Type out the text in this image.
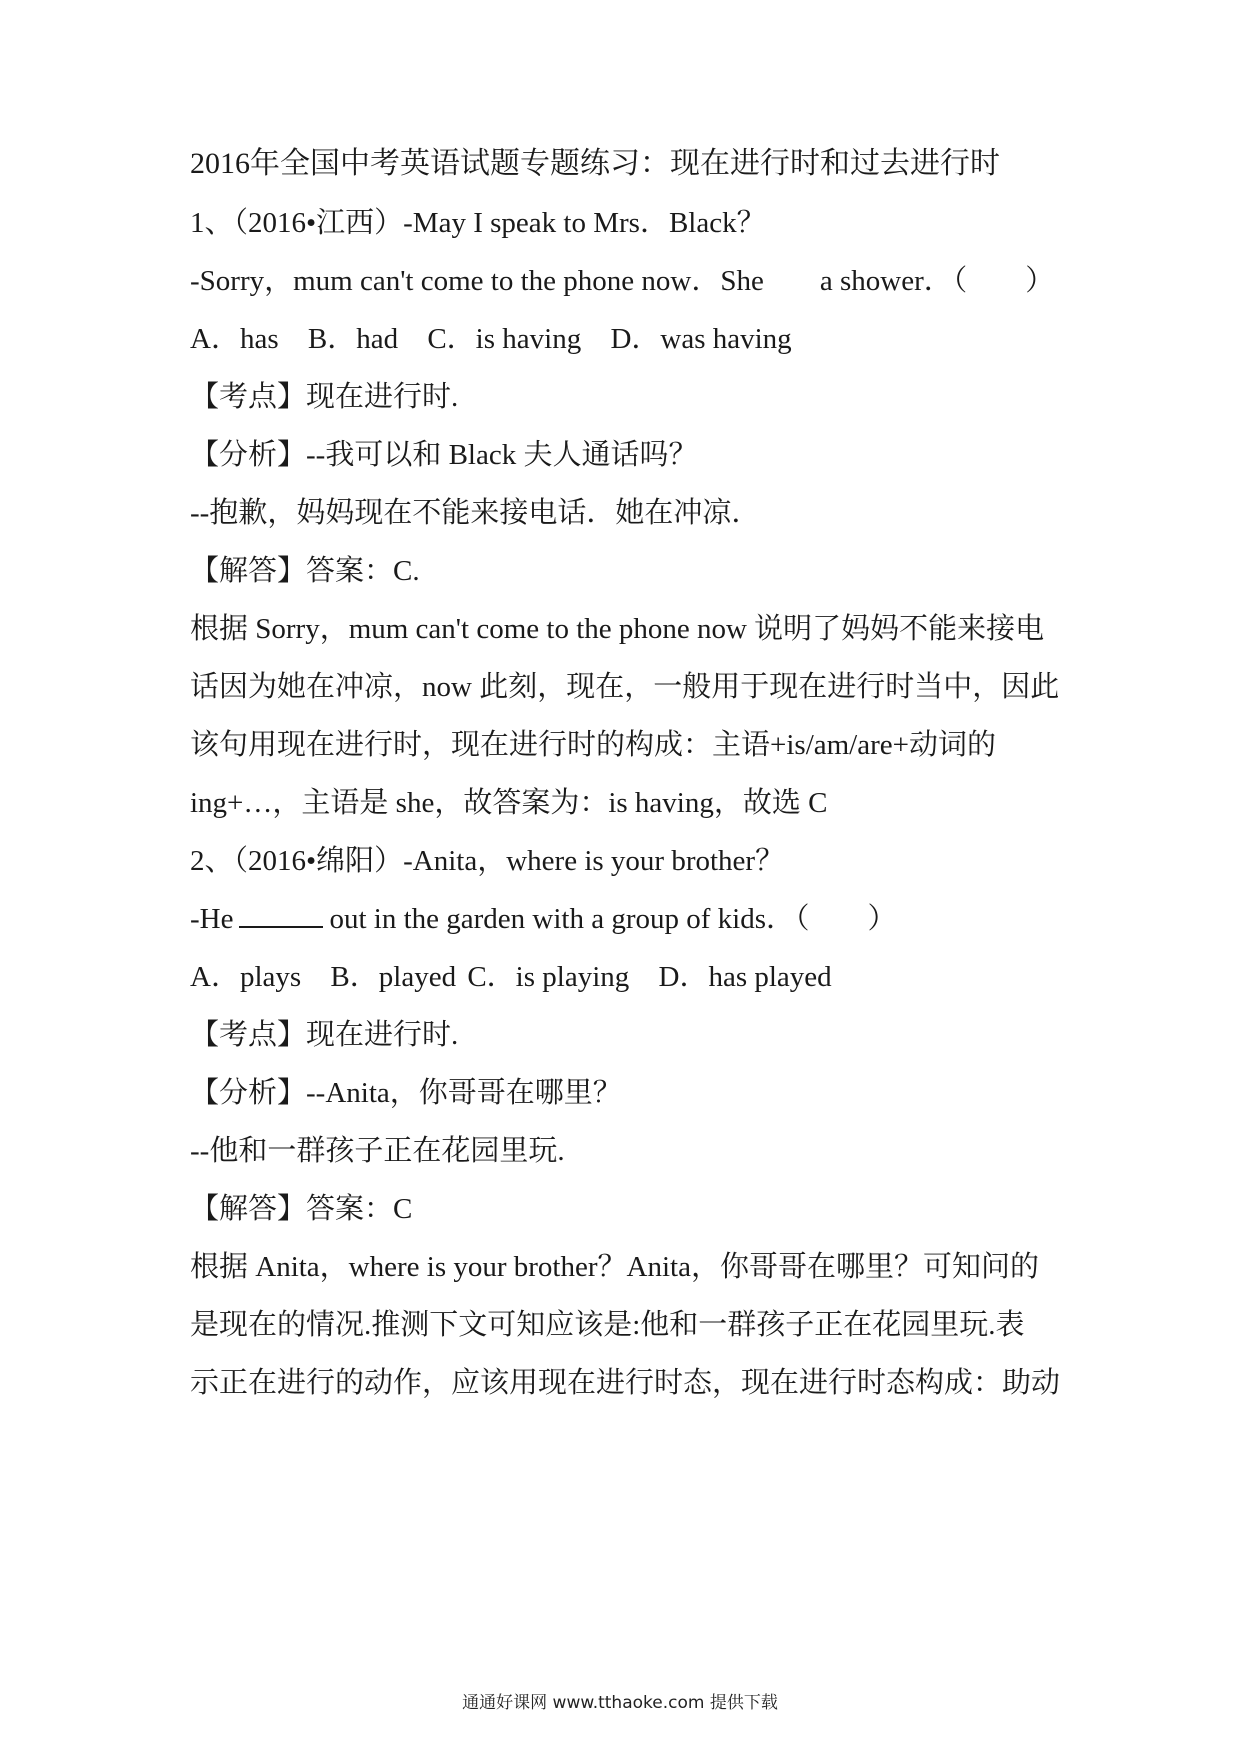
2016年全国中考英语试题专题练习：现在进行时和过去进行时
1、（2016•江西）-May I speak to Mrs．Black？
-Sorry，mum can't come to the phone now．She a shower．（ ）
A．has B．had C．is having D．was having
【考点】现在进行时.
【分析】--我可以和 Black 夫人通话吗？
--抱歉，妈妈现在不能来接电话．她在冲凉．
【解答】答案：C.
根据 Sorry，mum can't come to the phone now 说明了妈妈不能来接电
话因为她在冲凉，now 此刻，现在，一般用于现在进行时当中，因此
该句用现在进行时，现在进行时的构成：主语+is/am/are+动词的
ing+…，主语是 she，故答案为：is having，故选 C
2、（2016•绵阳）-Anita，where is your brother？
-He	out in the garden with a group of kids．（ ）
A．plays B．played C．is playing D．has played
【考点】现在进行时.
【分析】--Anita，你哥哥在哪里？
--他和一群孩子正在花园里玩.
【解答】答案：C
根据 Anita，where is your brother？Anita，你哥哥在哪里？可知问的
是现在的情况.推测下文可知应该是:他和一群孩子正在花园里玩.表
示正在进行的动作，应该用现在进行时态，现在进行时态构成：助动
通通好课网 www.tthaoke.com 提供下载
